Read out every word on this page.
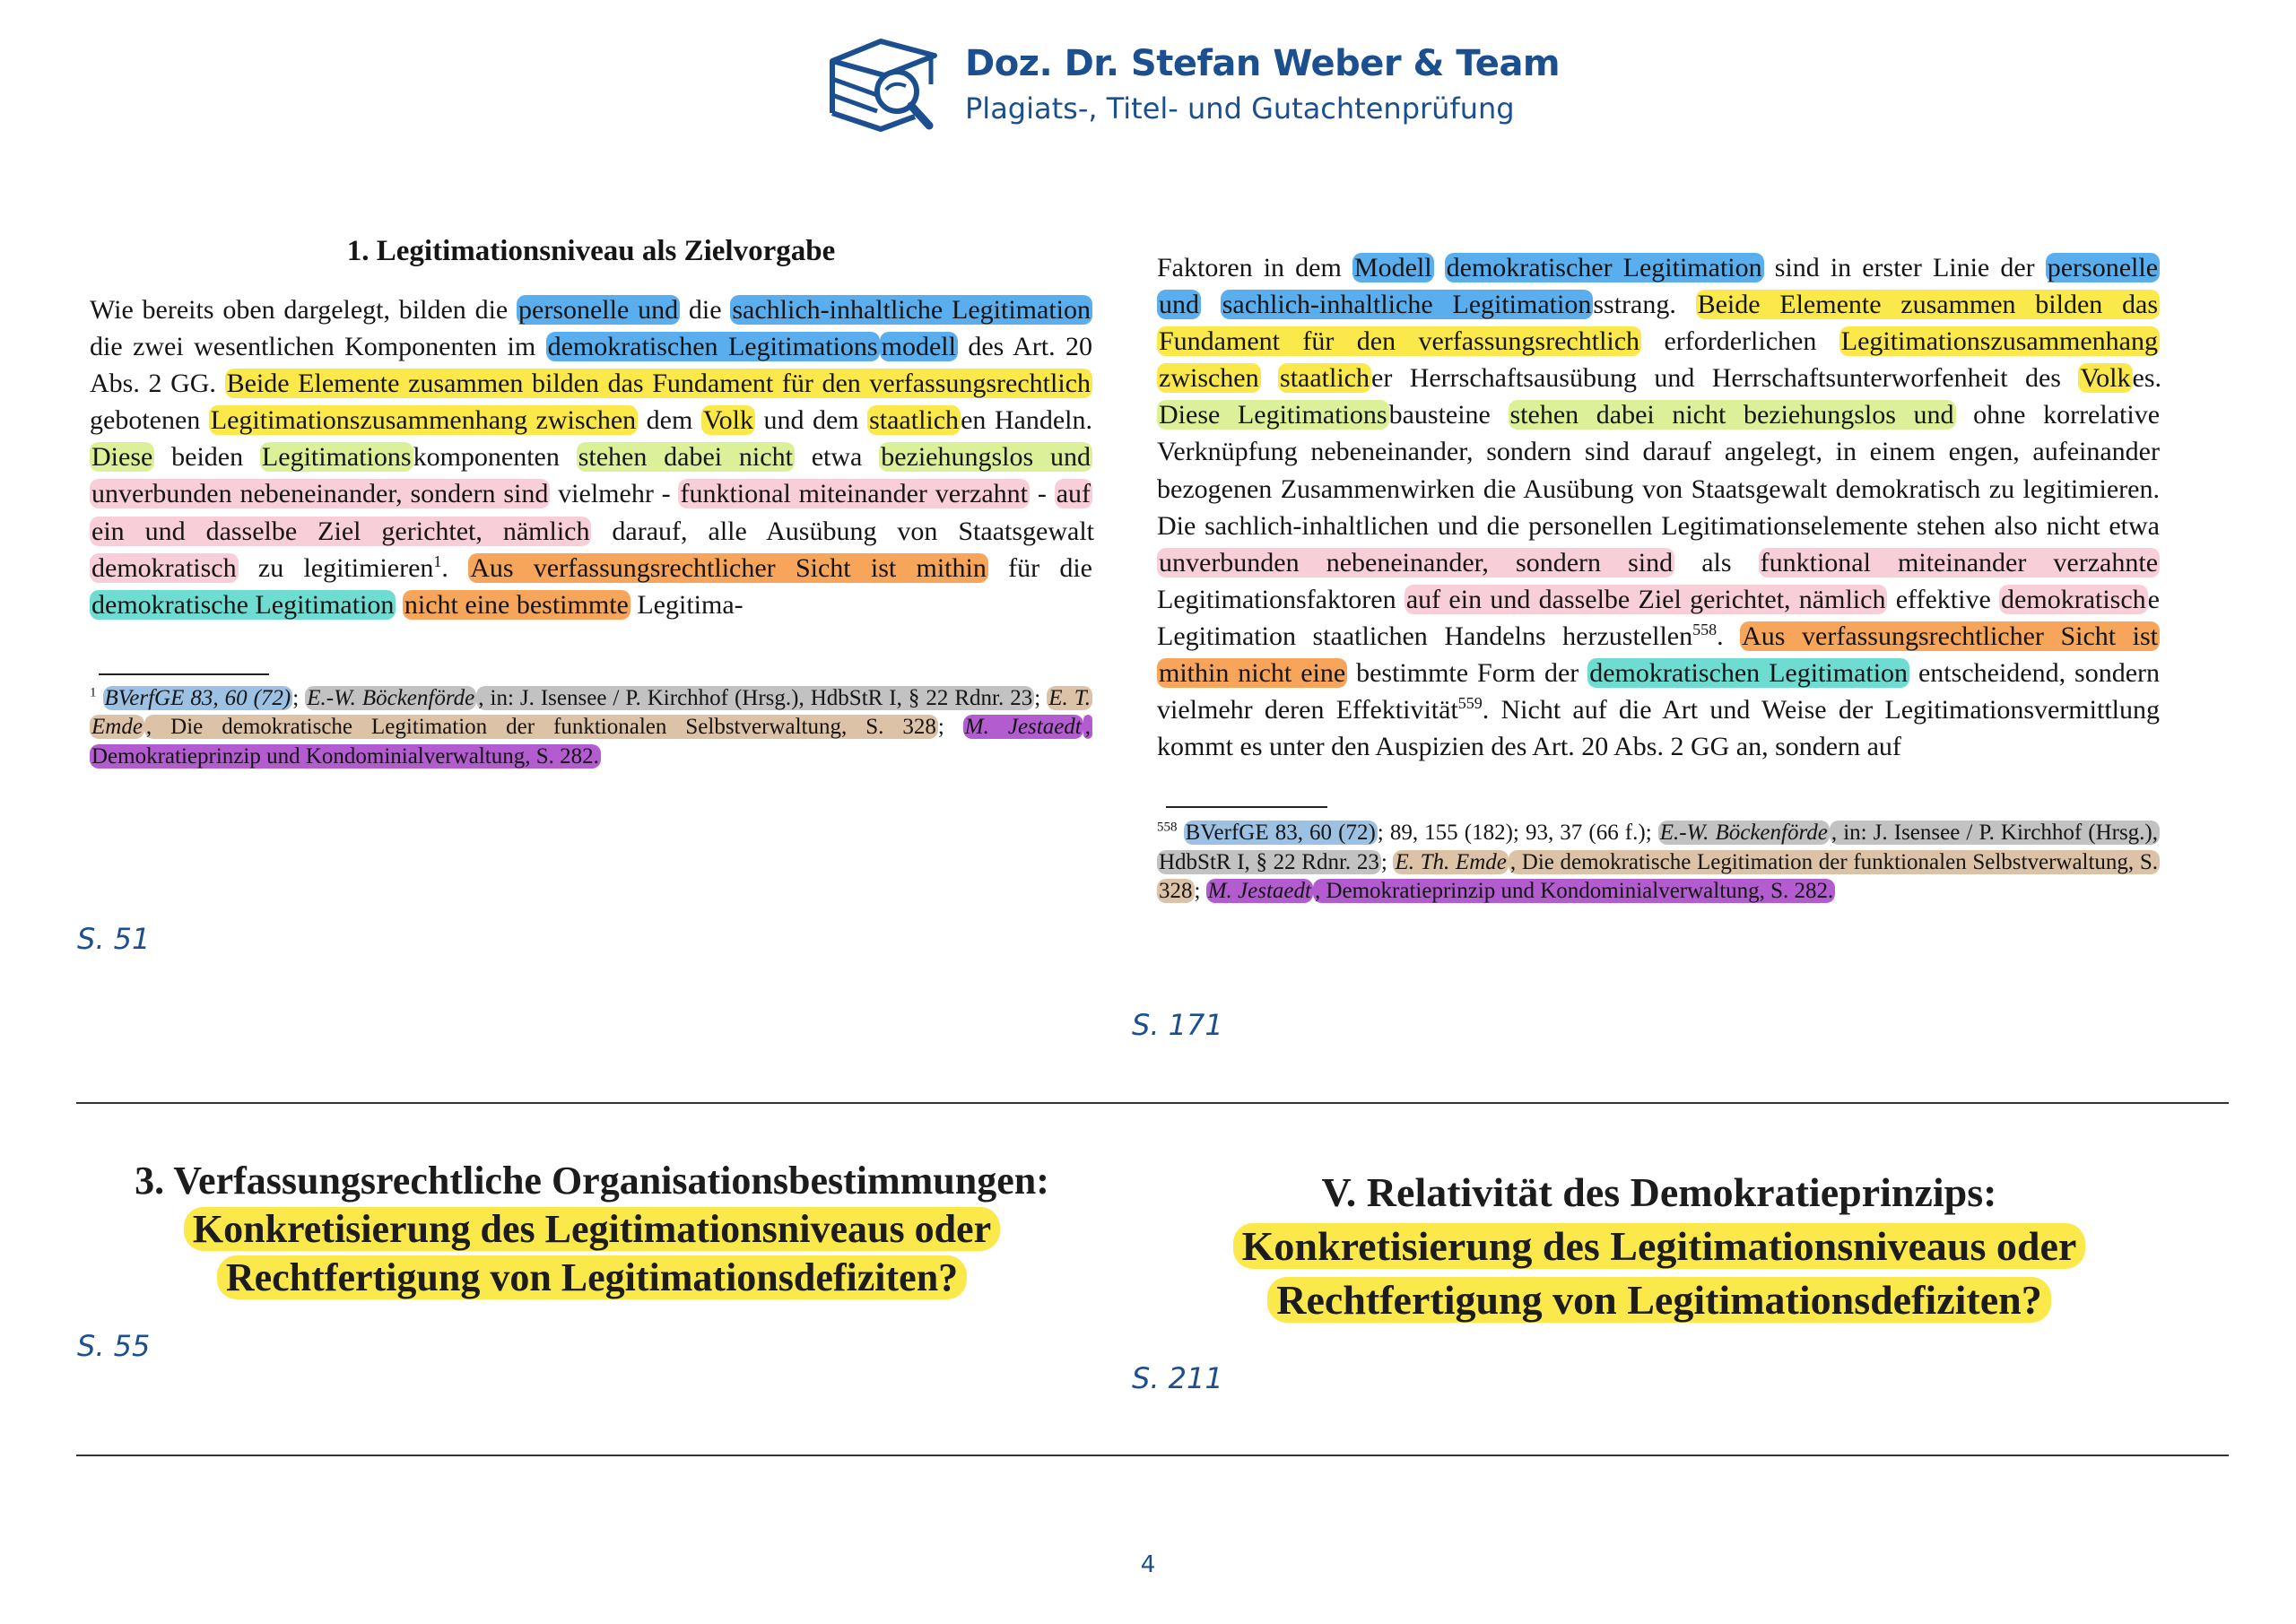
Doz. Dr. Stefan Weber & Team
Plagiats-, Titel- und Gutachtenprüfung
1. Legitimationsniveau als Zielvorgabe

Wie bereits oben dargelegt, bilden die personelle und die sachlich-inhaltliche Legitimation die zwei wesentlichen Komponenten im demokratischen Legitimations modell des Art. 20 Abs. 2 GG. Beide Elemente zusammen bilden das Fundament für den verfassungsrechtlich gebotenen Legitimationszusammenhang zwischen dem Volk und dem staatlichen Handeln. Diese beiden Legitimationskomponenten stehen dabei nicht etwa beziehungslos und unverbunden nebeneinander, sondern sind vielmehr - funktional miteinander verzahnt - auf ein und dasselbe Ziel gerichtet, nämlich darauf, alle Ausübung von Staatsgewalt demokratisch zu legitimieren$^1$. Aus verfassungsrechtlicher Sicht ist mithin für die demokratische Legitimation nicht eine bestimmte Legitima-

$^1$ BVerfGE 83, 60 (72); E.-W. Böckenförde , in: J. Isensee / P. Kirchhof (Hrsg.), HdbStR I, § 22 Rdnr. 23; E. T. Emde , Die demokratische Legitimation der funktionalen Selbstverwaltung, S. 328; M. Jestaedt , Demokratieprinzip und Kondominialverwaltung, S. 282.

S. 51

Faktoren in dem Modell demokratischer Legitimation sind in erster Linie der personelle und sachlich-inhaltliche Legitimationsstrang. Beide Elemente zusammen bilden das Fundament für den verfassungsrechtlich erforderlichen Legitimationszusammenhang zwischen staatlicher Herrschaftsausübung und Herrschaftsunterworfenheit des Volkes. Diese Legitimationsbausteine stehen dabei nicht beziehungslos und ohne korrelative Verknüpfung nebeneinander, sondern sind darauf angelegt, in einem engen, aufeinander bezogenen Zusammenwirken die Ausübung von Staatsgewalt demokratisch zu legitimieren. Die sachlich-inhaltlichen und die personellen Legitimationselemente stehen also nicht etwa unverbunden nebeneinander, sondern sind als funktional miteinander verzahnte Legitimationsfaktoren auf ein und dasselbe Ziel gerichtet, nämlich effektive demokratische Legitimation staatlichen Handelns herzustellen$^{558}$. Aus verfassungsrechtlicher Sicht ist mithin nicht eine bestimmte Form der demokratischen Legitimation entscheidend, sondern vielmehr deren Effektivität$^{559}$. Nicht auf die Art und Weise der Legitimationsvermittlung kommt es unter den Auspizien des Art. 20 Abs. 2 GG an, sondern auf

$^{558}$ BVerfGE 83, 60 (72); 89, 155 (182); 93, 37 (66 f.); E.-W. Böckenförde , in: J. Isensee / P. Kirchhof (Hrsg.), HdbStR I, § 22 Rdnr. 23; E. Th. Emde , Die demokratische Legitimation der funktionalen Selbstverwaltung, S. 328; M. Jestaedt , Demokratieprinzip und Kondominialverwaltung, S. 282.

S. 171
3. Verfassungsrechtliche Organisationsbestimmungen:
Konkretisierung des Legitimationsniveaus oder
Rechtfertigung von Legitimationsdefiziten?
S. 55
V. Relativität des Demokratieprinzips:
Konkretisierung des Legitimationsniveaus oder
Rechtfertigung von Legitimationsdefiziten?
S. 211
4
